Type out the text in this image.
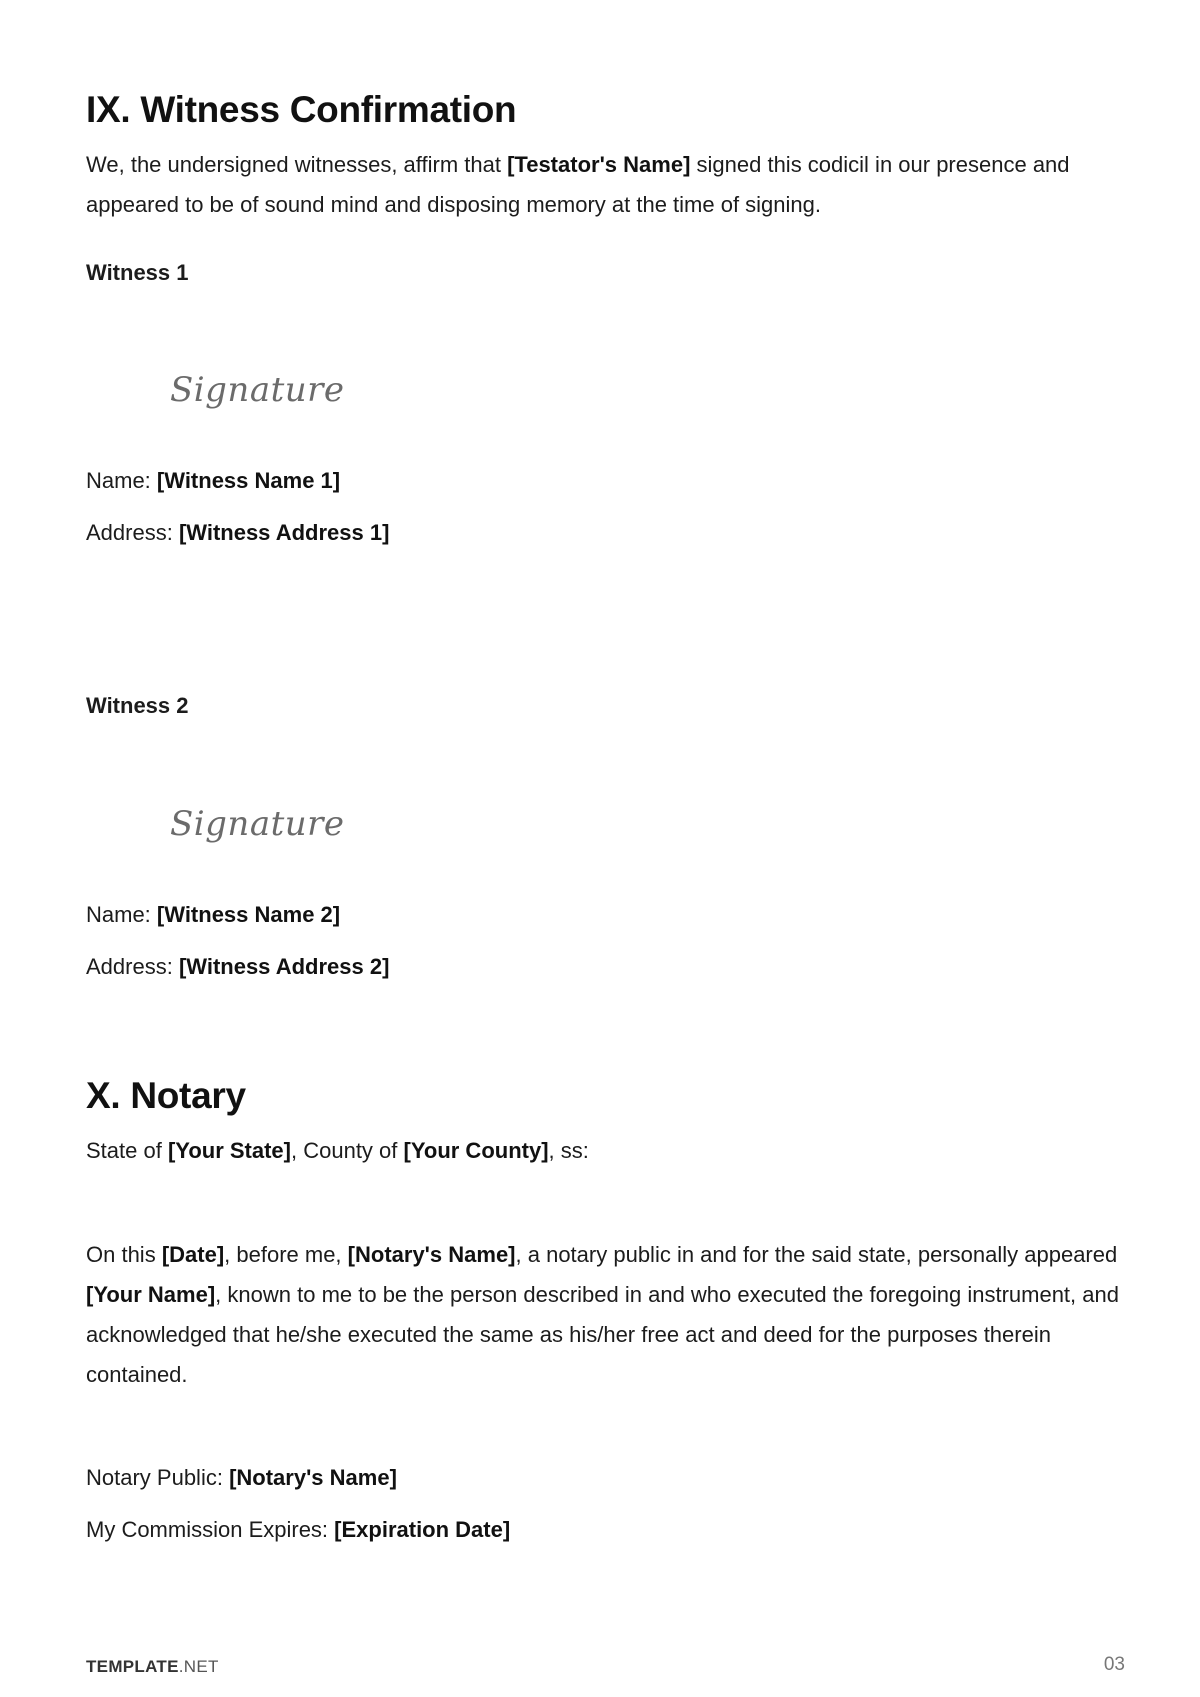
IX. Witness Confirmation

We, the undersigned witnesses, affirm that [Testator's Name] signed this codicil in our presence and appeared to be of sound mind and disposing memory at the time of signing.

Witness 1

Signature

Name: [Witness Name 1]

Address: [Witness Address 1]

Witness 2

Signature

Name: [Witness Name 2]

Address: [Witness Address 2]

X. Notary

State of [Your State], County of [Your County], ss:

On this [Date], before me, [Notary's Name], a notary public in and for the said state, personally appeared [Your Name], known to me to be the person described in and who executed the foregoing instrument, and acknowledged that he/she executed the same as his/her free act and deed for the purposes therein contained.

Notary Public: [Notary's Name]

My Commission Expires: [Expiration Date]

TEMPLATE.NET	03
